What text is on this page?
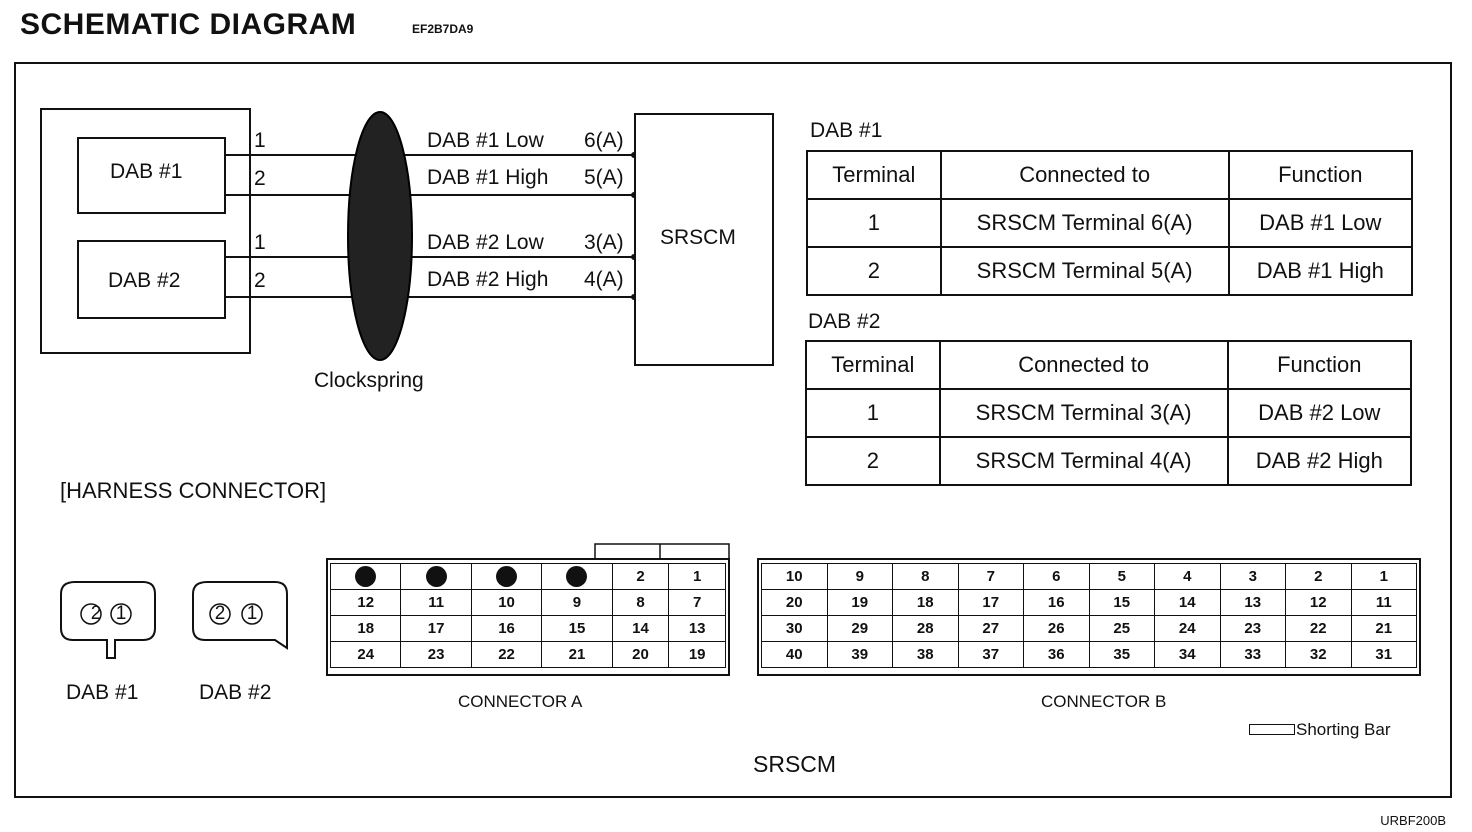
SCHEMATIC DIAGRAM	EF2B7DA9
DAB #1
DAB #2
1
2
1
2
DAB #1 Low 6(A)
DAB #1 High 5(A)
DAB #2 Low 3(A)
DAB #2 High 4(A)
Clockspring
SRSCM
DAB #1
Terminal	Connected to	Function
1	SRSCM Terminal 6(A)	DAB #1 Low
2	SRSCM Terminal 5(A)	DAB #1 High
DAB #2
Terminal	Connected to	Function
1	SRSCM Terminal 3(A)	DAB #2 Low
2	SRSCM Terminal 4(A)	DAB #2 High
[HARNESS CONNECTOR]
2 1	2	1
DAB #1	DAB #2
				2	1
12	11	10	9	8	7
18	17	16	15	14	13
24	23	22	21	20	19
CONNECTOR A
10	9	8	7	6	5	4	3	2	1
20	19	18	17	16	15	14	13	12	11
30	29	28	27	26	25	24	23	22	21
40	39	38	37	36	35	34	33	32	31
CONNECTOR B
Shorting Bar
SRSCM
URBF200B
